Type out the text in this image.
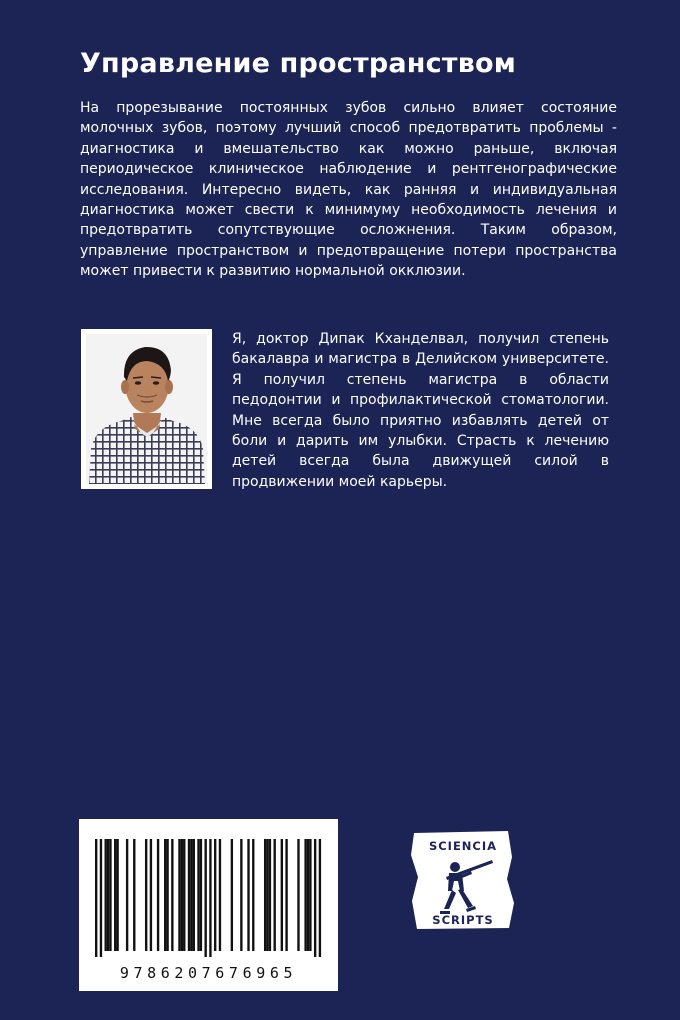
Управление пространством

На прорезывание постоянных зубов сильно влияет состояние молочных зубов, поэтому лучший способ предотвратить проблемы - диагностика и вмешательство как можно раньше, включая периодическое клиническое наблюдение и рентгенографические исследования. Интересно видеть, как ранняя и индивидуальная диагностика может свести к минимуму необходимость лечения и предотвратить сопутствующие осложнения. Таким образом, управление пространством и предотвращение потери пространства может привести к развитию нормальной окклюзии.

Я, доктор Дипак Кханделвал, получил степень бакалавра и магистра в Делийском университете. Я получил степень магистра в области педодонтии и профилактической стоматологии. Мне всегда было приятно избавлять детей от боли и дарить им улыбки. Страсть к лечению детей всегда была движущей силой в продвижении моей карьеры.

9786207676965
SCIENCIA
SCRIPTS
